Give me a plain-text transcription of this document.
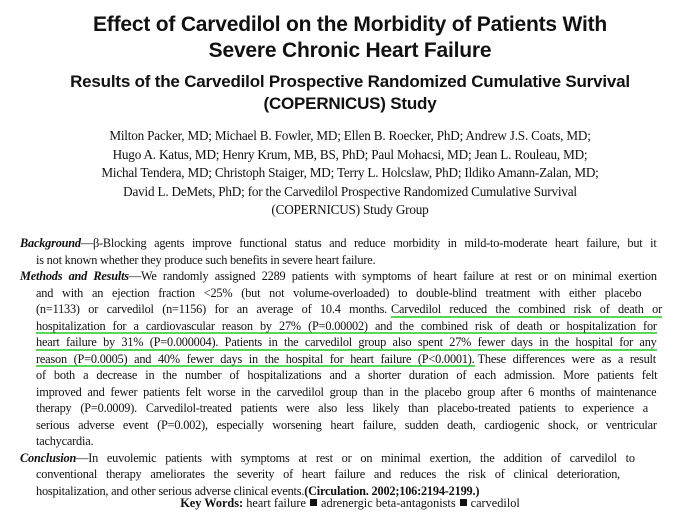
Effect of Carvedilol on the Morbidity of Patients With
Severe Chronic Heart Failure
Results of the Carvedilol Prospective Randomized Cumulative Survival
(COPERNICUS) Study
Milton Packer, MD; Michael B. Fowler, MD; Ellen B. Roecker, PhD; Andrew J.S. Coats, MD;
Hugo A. Katus, MD; Henry Krum, MB, BS, PhD; Paul Mohacsi, MD; Jean L. Rouleau, MD;
Michal Tendera, MD; Christoph Staiger, MD; Terry L. Holcslaw, PhD; Ildiko Amann-Zalan, MD;
David L. DeMets, PhD; for the Carvedilol Prospective Randomized Cumulative Survival
(COPERNICUS) Study Group
Background—β-Blocking agents improve functional status and reduce morbidity in mild-to-moderate heart failure, but it
is not known whether they produce such benefits in severe heart failure.
Methods and Results—We randomly assigned 2289 patients with symptoms of heart failure at rest or on minimal exertion
and with an ejection fraction <25% (but not volume-overloaded) to double-blind treatment with either placebo
(n=1133) or carvedilol (n=1156) for an average of 10.4 months. Carvedilol reduced the combined risk of death or
hospitalization for a cardiovascular reason by 27% (P=0.00002) and the combined risk of death or hospitalization for
heart failure by 31% (P=0.000004). Patients in the carvedilol group also spent 27% fewer days in the hospital for any
reason (P=0.0005) and 40% fewer days in the hospital for heart failure (P<0.0001).These differences were as a result
of both a decrease in the number of hospitalizations and a shorter duration of each admission. More patients felt
improved and fewer patients felt worse in the carvedilol group than in the placebo group after 6 months of maintenance
therapy (P=0.0009). Carvedilol-treated patients were also less likely than placebo-treated patients to experience a
serious adverse event (P=0.002), especially worsening heart failure, sudden death, cardiogenic shock, or ventricular
tachycardia.
Conclusion—In euvolemic patients with symptoms at rest or on minimal exertion, the addition of carvedilol to
conventional therapy ameliorates the severity of heart failure and reduces the risk of clinical deterioration,
hospitalization, and other serious adverse clinical events.(Circulation. 2002;106:2194-2199.)
Key Words: heart failure adrenergic beta-antagonists carvedilol
